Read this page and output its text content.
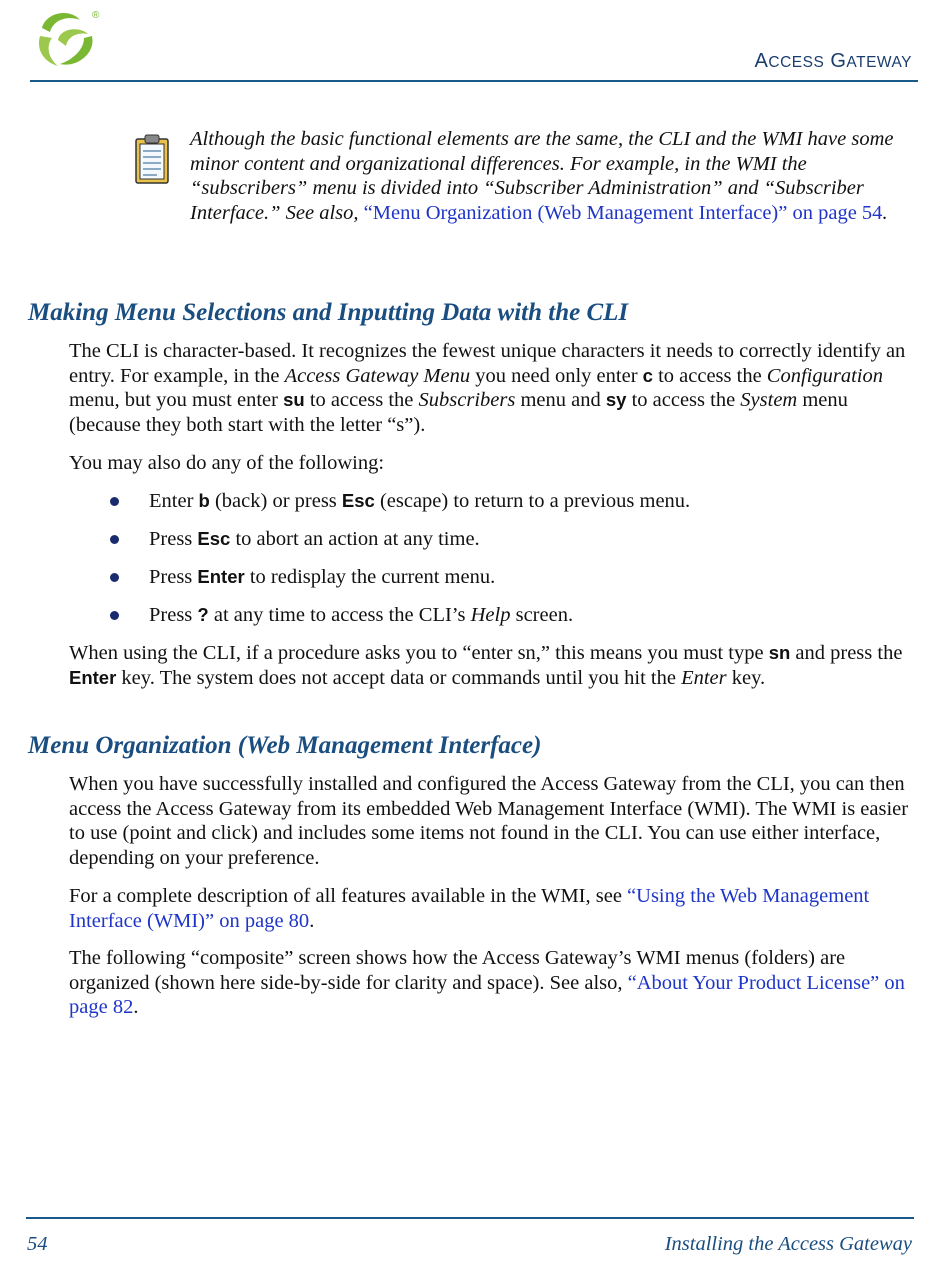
®
ACCESS GATEWAY

Although the basic functional elements are the same, the CLI and the WMI have some minor content and organizational differences. For example, in the WMI the “subscribers” menu is divided into “Subscriber Administration” and “Subscriber Interface.” See also, “Menu Organization (Web Management Interface)” on page 54.

Making Menu Selections and Inputting Data with the CLI

The CLI is character-based. It recognizes the fewest unique characters it needs to correctly identify an entry. For example, in the Access Gateway Menu you need only enter c to access the Configuration menu, but you must enter su to access the Subscribers menu and sy to access the System menu (because they both start with the letter “s”).

You may also do any of the following:

Enter b (back) or press Esc (escape) to return to a previous menu.

Press Esc to abort an action at any time.

Press Enter to redisplay the current menu.

Press ? at any time to access the CLI’s Help screen.

When using the CLI, if a procedure asks you to “enter sn,” this means you must type sn and press the Enter key. The system does not accept data or commands until you hit the Enter key.

Menu Organization (Web Management Interface)

When you have successfully installed and configured the Access Gateway from the CLI, you can then access the Access Gateway from its embedded Web Management Interface (WMI). The WMI is easier to use (point and click) and includes some items not found in the CLI. You can use either interface, depending on your preference.

For a complete description of all features available in the WMI, see “Using the Web Management Interface (WMI)” on page 80.

The following “composite” screen shows how the Access Gateway’s WMI menus (folders) are organized (shown here side-by-side for clarity and space). See also, “About Your Product License” on page 82.

54	Installing the Access Gateway
